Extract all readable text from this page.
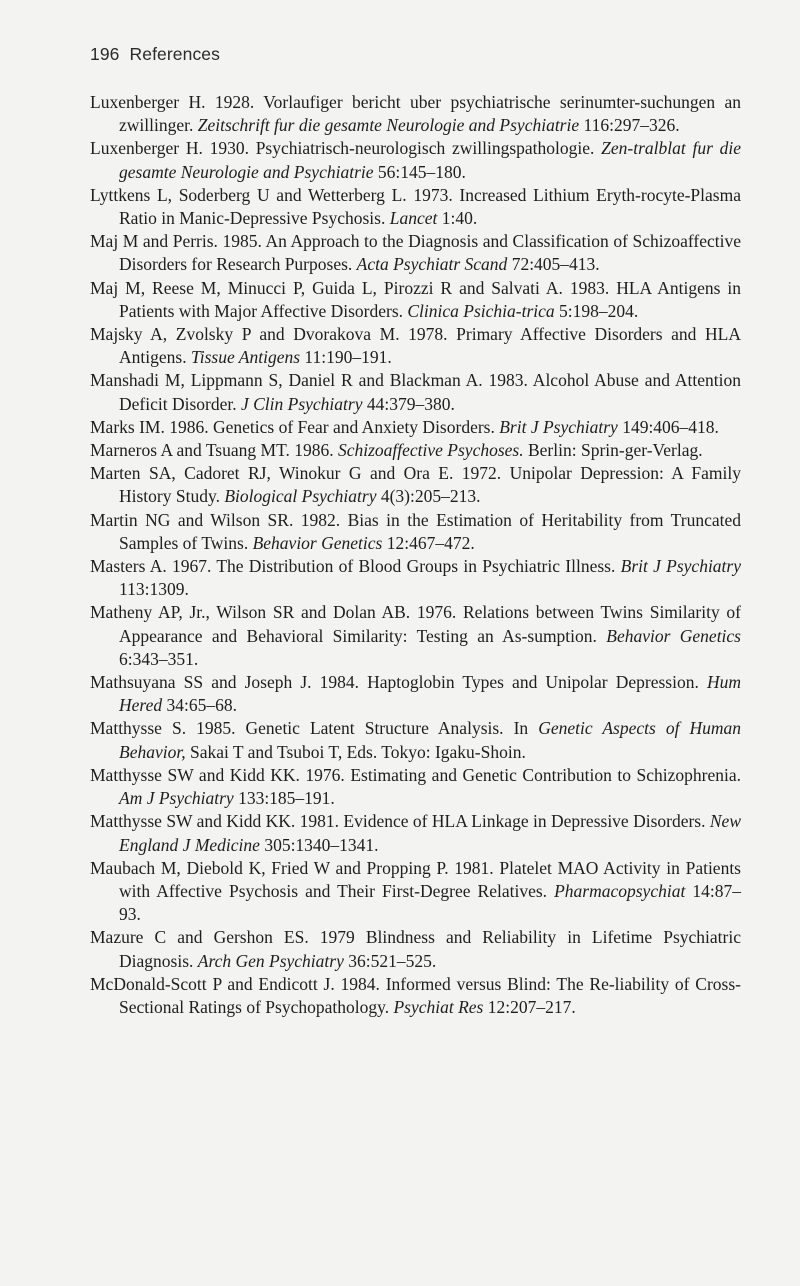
196 References

Luxenberger H. 1928. Vorlaufiger bericht uber psychiatrische serinumter-suchungen an zwillinger. Zeitschrift fur die gesamte Neurologie and Psychiatrie 116:297–326.

Luxenberger H. 1930. Psychiatrisch-neurologisch zwillingspathologie. Zen-tralblat fur die gesamte Neurologie and Psychiatrie 56:145–180.

Lyttkens L, Soderberg U and Wetterberg L. 1973. Increased Lithium Eryth-rocyte-Plasma Ratio in Manic-Depressive Psychosis. Lancet 1:40.

Maj M and Perris. 1985. An Approach to the Diagnosis and Classification of Schizoaffective Disorders for Research Purposes. Acta Psychiatr Scand 72:405–413.

Maj M, Reese M, Minucci P, Guida L, Pirozzi R and Salvati A. 1983. HLA Antigens in Patients with Major Affective Disorders. Clinica Psichia-trica 5:198–204.

Majsky A, Zvolsky P and Dvorakova M. 1978. Primary Affective Disorders and HLA Antigens. Tissue Antigens 11:190–191.

Manshadi M, Lippmann S, Daniel R and Blackman A. 1983. Alcohol Abuse and Attention Deficit Disorder. J Clin Psychiatry 44:379–380.

Marks IM. 1986. Genetics of Fear and Anxiety Disorders. Brit J Psychiatry 149:406–418.

Marneros A and Tsuang MT. 1986. Schizoaffective Psychoses. Berlin: Sprin-ger-Verlag.

Marten SA, Cadoret RJ, Winokur G and Ora E. 1972. Unipolar Depression: A Family History Study. Biological Psychiatry 4(3):205–213.

Martin NG and Wilson SR. 1982. Bias in the Estimation of Heritability from Truncated Samples of Twins. Behavior Genetics 12:467–472.

Masters A. 1967. The Distribution of Blood Groups in Psychiatric Illness. Brit J Psychiatry 113:1309.

Matheny AP, Jr., Wilson SR and Dolan AB. 1976. Relations between Twins Similarity of Appearance and Behavioral Similarity: Testing an As-sumption. Behavior Genetics 6:343–351.

Mathsuyana SS and Joseph J. 1984. Haptoglobin Types and Unipolar Depression. Hum Hered 34:65–68.

Matthysse S. 1985. Genetic Latent Structure Analysis. In Genetic Aspects of Human Behavior, Sakai T and Tsuboi T, Eds. Tokyo: Igaku-Shoin.

Matthysse SW and Kidd KK. 1976. Estimating and Genetic Contribution to Schizophrenia. Am J Psychiatry 133:185–191.

Matthysse SW and Kidd KK. 1981. Evidence of HLA Linkage in Depressive Disorders. New England J Medicine 305:1340–1341.

Maubach M, Diebold K, Fried W and Propping P. 1981. Platelet MAO Activity in Patients with Affective Psychosis and Their First-Degree Relatives. Pharmacopsychiat 14:87–93.

Mazure C and Gershon ES. 1979 Blindness and Reliability in Lifetime Psychiatric Diagnosis. Arch Gen Psychiatry 36:521–525.

McDonald-Scott P and Endicott J. 1984. Informed versus Blind: The Re-liability of Cross-Sectional Ratings of Psychopathology. Psychiat Res 12:207–217.
